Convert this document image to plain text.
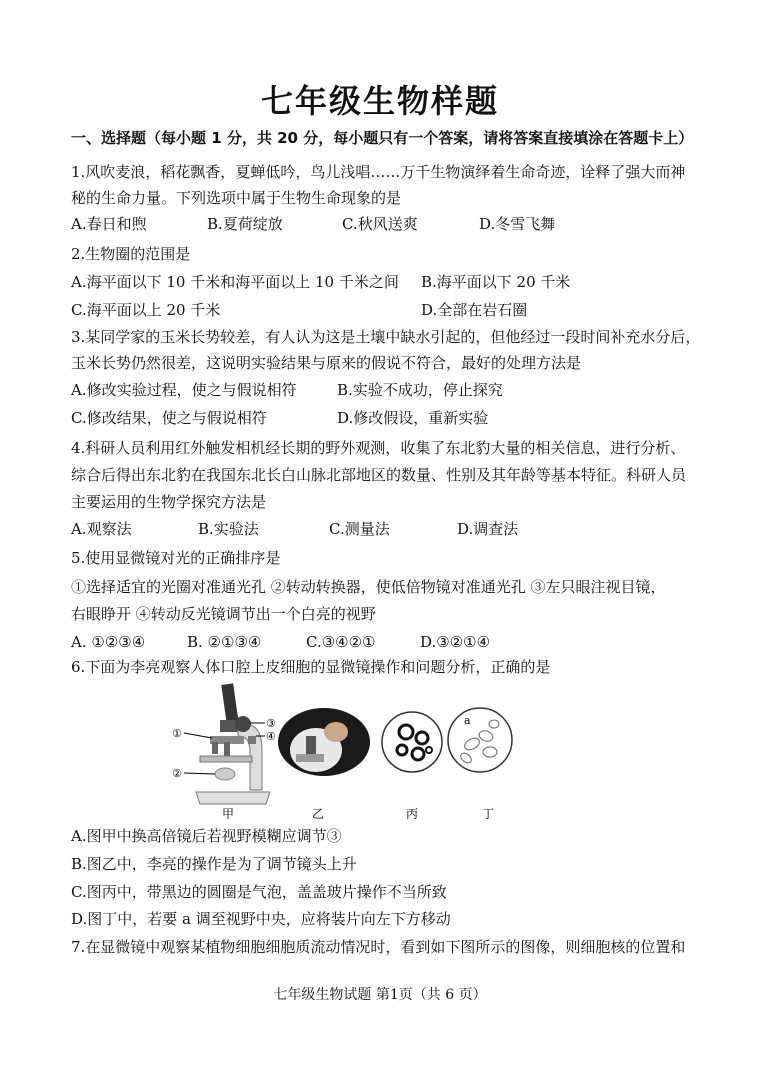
七年级生物样题
一、选择题（每小题 1 分，共 20 分，每小题只有一个答案，请将答案直接填涂在答题卡上）
1.风吹麦浪，稻花飘香，夏蝉低吟，鸟儿浅唱……万千生物演绎着生命奇迹，诠释了强大而神
秘的生命力量。下列选项中属于生物生命现象的是
A.春日和煦	B.夏荷绽放	C.秋风送爽	D.冬雪飞舞
2.生物圈的范围是
A.海平面以下 10 千米和海平面以上 10 千米之间 B.海平面以下 20 千米
C.海平面以上 20 千米	D.全部在岩石圈
3.某同学家的玉米长势较差，有人认为这是土壤中缺水引起的，但他经过一段时间补充水分后，
玉米长势仍然很差，这说明实验结果与原来的假说不符合，最好的处理方法是
A.修改实验过程，使之与假说相符	B.实验不成功，停止探究
C.修改结果，使之与假说相符	D.修改假设，重新实验
4.科研人员利用红外触发相机经长期的野外观测，收集了东北豹大量的相关信息，进行分析、
综合后得出东北豹在我国东北长白山脉北部地区的数量、性别及其年龄等基本特征。科研人员
主要运用的生物学探究方法是
A.观察法	B.实验法	C.测量法	D.调查法
5.使用显微镜对光的正确排序是
①选择适宜的光圈对准通光孔 ②转动转换器，使低倍物镜对准通光孔 ③左只眼注视目镜，
右眼睁开 ④转动反光镜调节出一个白亮的视野
A. ①②③④	B. ②①③④	C.③④②①	D.③②①④
6.下面为李亮观察人体口腔上皮细胞的显微镜操作和问题分析，正确的是
①
②
③
④
a
甲	乙	丙	丁
A.图甲中换高倍镜后若视野模糊应调节③
B.图乙中，李亮的操作是为了调节镜头上升
C.图丙中，带黑边的圆圈是气泡，盖盖玻片操作不当所致
D.图丁中，若要 a 调至视野中央，应将装片向左下方移动
7.在显微镜中观察某植物细胞细胞质流动情况时，看到如下图所示的图像，则细胞核的位置和
七年级生物试题 第1页（共 6 页）
